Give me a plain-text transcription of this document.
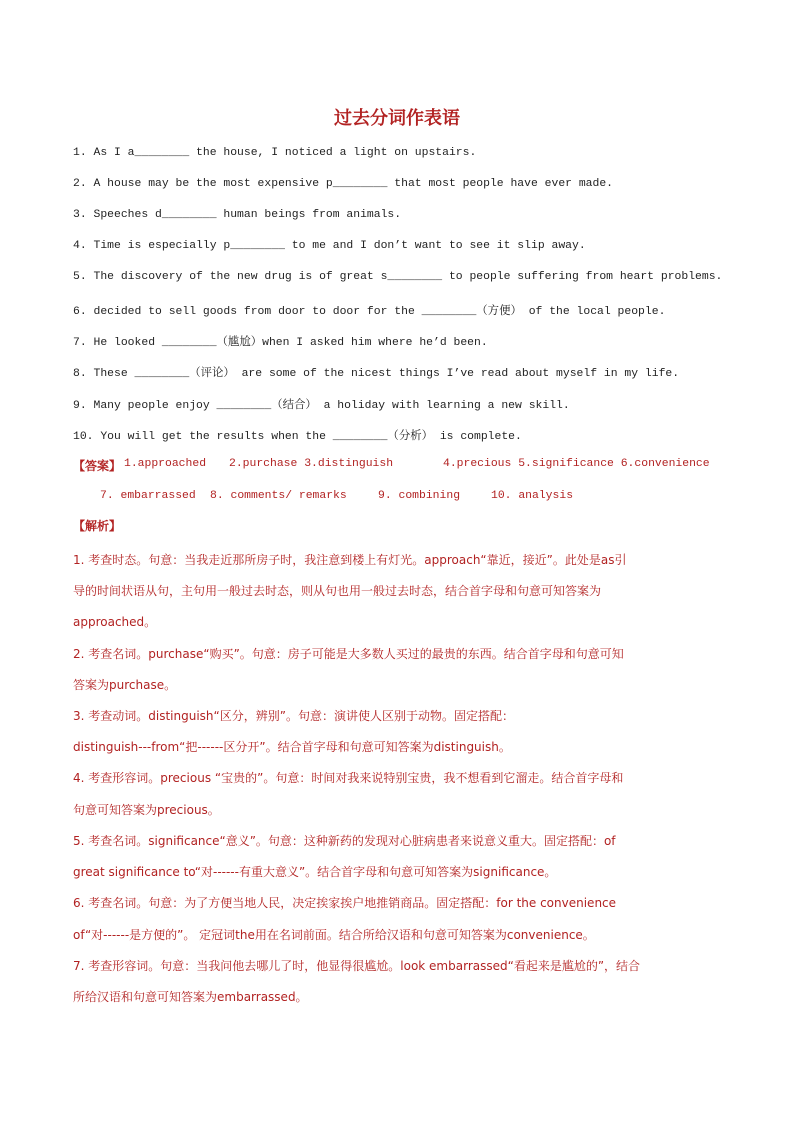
过去分词作表语
1. As I a________ the house, I noticed a light on upstairs.
2. A house may be the most expensive p________ that most people have ever made.
3. Speeches d________ human beings from animals.
4. Time is especially p________ to me and I don’t want to see it slip away.
5. The discovery of the new drug is of great s________ to people suffering from heart problems.
6. decided to sell goods from door to door for the ________（方便） of the local people.
7. He looked ________（尴尬）when I asked him where he’d been.
8. These ________（评论） are some of the nicest things I’ve read about myself in my life.
9. Many people enjoy ________（结合） a holiday with learning a new skill.
10. You will get the results when the ________（分析） is complete.
【答案】 1.approached 2.purchase 3.distinguish	4.precious 5.significance 6.convenience
7. embarrassed 8. comments/ remarks	9. combining	10. analysis
【解析】
1. 考查时态。句意：当我走近那所房子时，我注意到楼上有灯光。approach“靠近，接近”。此处是as引
导的时间状语从句，主句用一般过去时态，则从句也用一般过去时态，结合首字母和句意可知答案为
approached。
2. 考查名词。purchase“购买”。句意：房子可能是大多数人买过的最贵的东西。结合首字母和句意可知
答案为purchase。
3. 考查动词。distinguish“区分，辨别”。句意：演讲使人区别于动物。固定搭配：
distinguish---from“把------区分开”。结合首字母和句意可知答案为distinguish。
4. 考查形容词。precious “宝贵的”。句意：时间对我来说特别宝贵，我不想看到它溜走。结合首字母和
句意可知答案为precious。
5. 考查名词。significance“意义”。句意：这种新药的发现对心脏病患者来说意义重大。固定搭配：of
great significance to“对------有重大意义”。结合首字母和句意可知答案为significance。
6. 考查名词。句意：为了方便当地人民，决定挨家挨户地推销商品。固定搭配：for the convenience
of“对------是方便的”。 定冠词the用在名词前面。结合所给汉语和句意可知答案为convenience。
7. 考查形容词。句意：当我问他去哪儿了时，他显得很尴尬。look embarrassed“看起来是尴尬的”，结合
所给汉语和句意可知答案为embarrassed。
